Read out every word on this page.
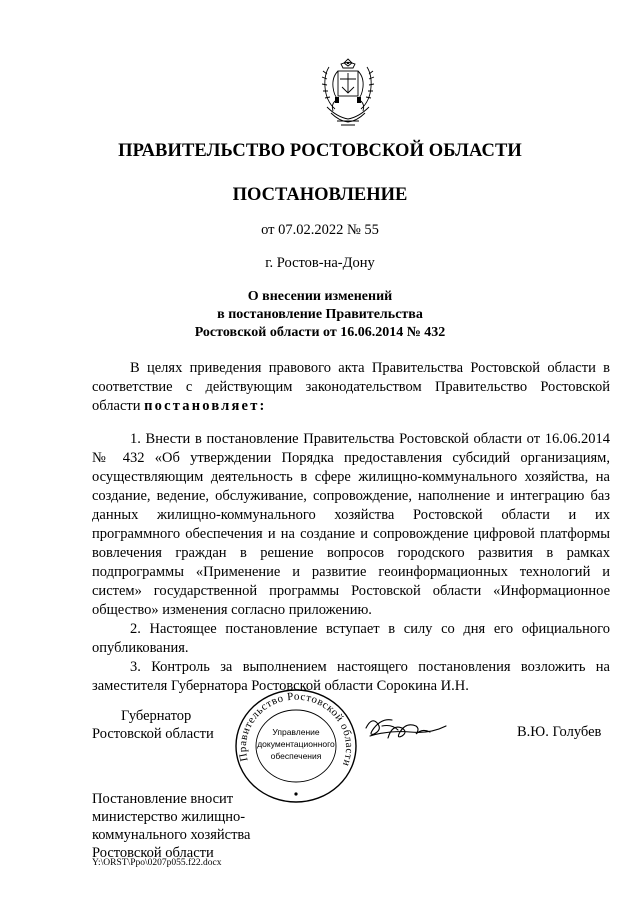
ПРАВИТЕЛЬСТВО РОСТОВСКОЙ ОБЛАСТИ
ПОСТАНОВЛЕНИЕ
от 07.02.2022 № 55
г. Ростов-на-Дону
О внесении изменений
в постановление Правительства
Ростовской области от 16.06.2014 № 432

В целях приведения правового акта Правительства Ростовской области в соответствие с действующим законодательством Правительство Ростовской области постановляет:

1. Внести в постановление Правительства Ростовской области от 16.06.2014 № 432 «Об утверждении Порядка предоставления субсидий организациям, осуществляющим деятельность в сфере жилищно-коммунального хозяйства, на создание, ведение, обслуживание, сопровождение, наполнение и интеграцию баз данных жилищно-коммунального хозяйства Ростовской области и их программного обеспечения и на создание и сопровождение цифровой платформы вовлечения граждан в решение вопросов городского развития в рамках подпрограммы «Применение и развитие геоинформационных технологий и систем» государственной программы Ростовской области «Информационное общество» изменения согласно приложению.

2. Настоящее постановление вступает в силу со дня его официального опубликования.

3. Контроль за выполнением настоящего постановления возложить на заместителя Губернатора Ростовской области Сорокина И.Н.

Губернатор
Ростовской области
Правительство Ростовской области
Управление
документационного
обеспечения
В.Ю. Голубев
Постановление вносит
министерство жилищно-
коммунального хозяйства
Ростовской области
Y:\ORST\Ppo\0207p055.f22.docx
